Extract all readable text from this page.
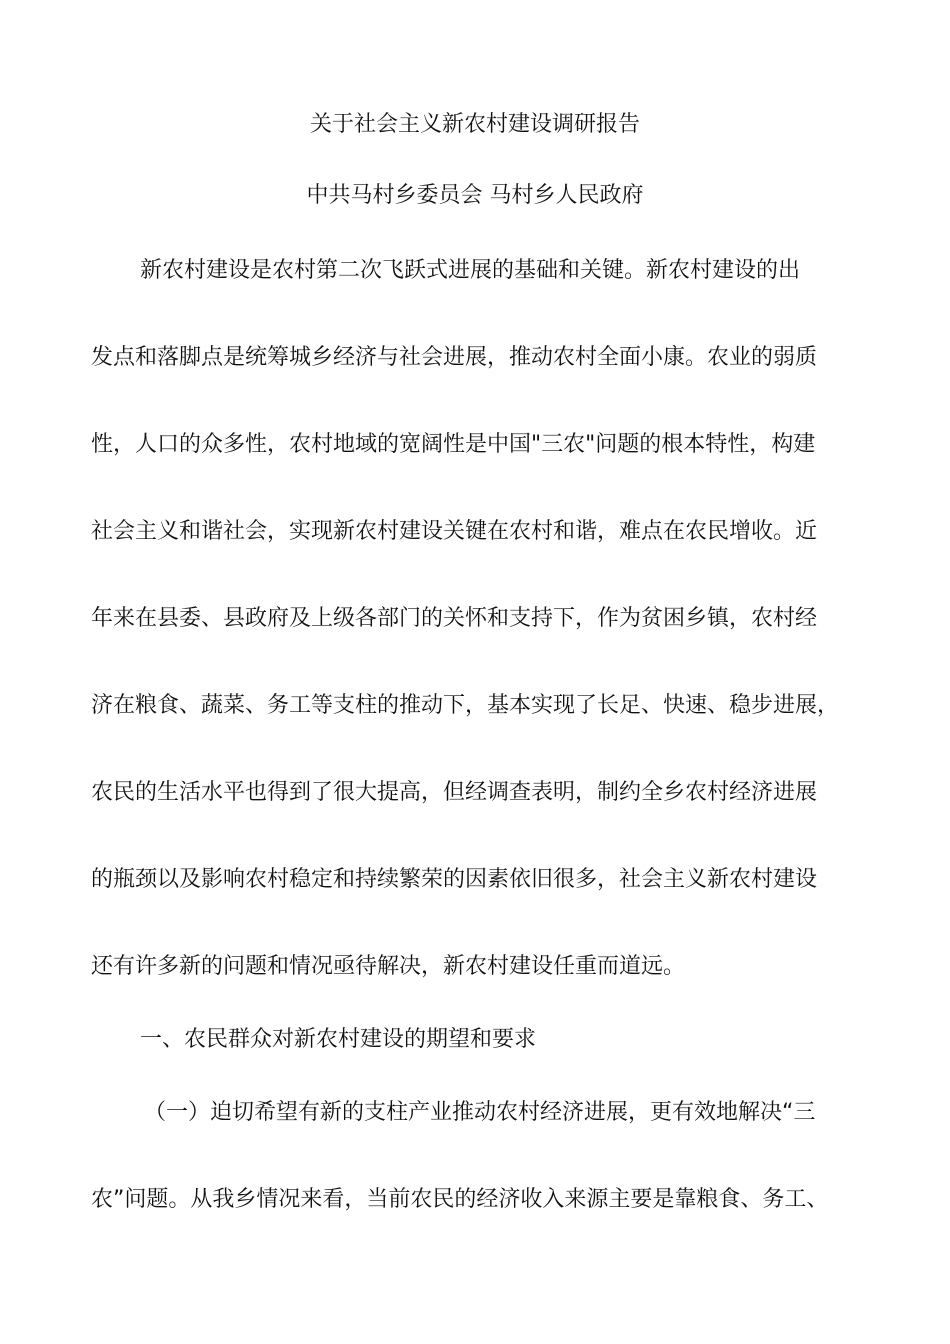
关于社会主义新农村建设调研报告
中共马村乡委员会 马村乡人民政府
新农村建设是农村第二次飞跃式进展的基础和关键。新农村建设的出
发点和落脚点是统筹城乡经济与社会进展，推动农村全面小康。农业的弱质
性，人口的众多性，农村地域的宽阔性是中国"三农"问题的根本特性，构建
社会主义和谐社会，实现新农村建设关键在农村和谐，难点在农民增收。近
年来在县委、县政府及上级各部门的关怀和支持下，作为贫困乡镇，农村经
济在粮食、蔬菜、务工等支柱的推动下，基本实现了长足、快速、稳步进展，
农民的生活水平也得到了很大提高，但经调查表明，制约全乡农村经济进展
的瓶颈以及影响农村稳定和持续繁荣的因素依旧很多，社会主义新农村建设
还有许多新的问题和情况亟待解决，新农村建设任重而道远。
一、农民群众对新农村建设的期望和要求
（一）迫切希望有新的支柱产业推动农村经济进展，更有效地解决“三
农”问题。从我乡情况来看，当前农民的经济收入来源主要是靠粮食、务工、
